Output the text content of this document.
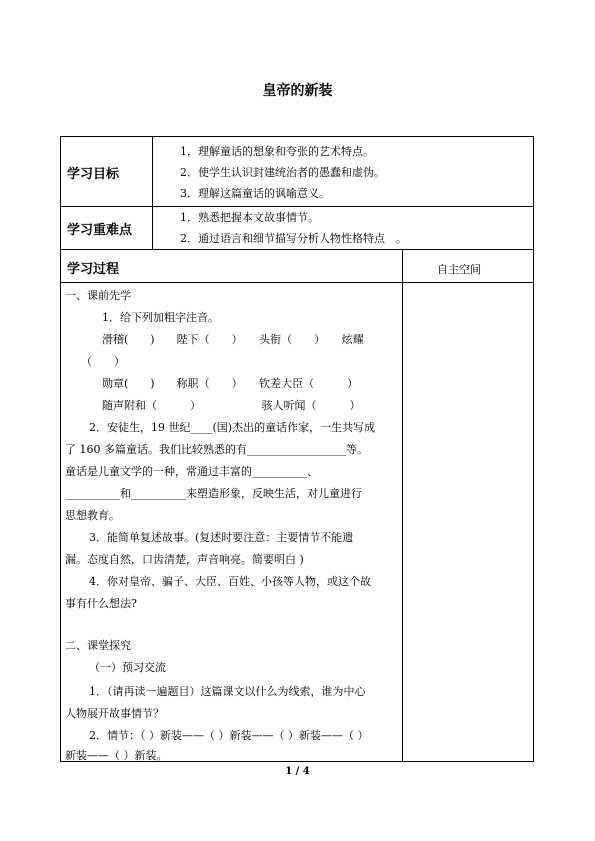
皇帝的新装
学习目标
学习重难点
学习过程	自主空间
1．理解童话的想象和夸张的艺术特点。
2．使学生认识封建统治者的愚蠢和虚伪。
3．理解这篇童话的讽喻意义。
1．熟悉把握本文故事情节。
2．通过语言和细节描写分析人物性格特点　。
一、课前先学
1．给下列加粗字注音。
滑稽(　　)　　陛下（　　）　　头衔（　　）　　炫耀
（　　）
勋章(　　)　　称职（　　）　　钦差大臣（　　　）
随声附和（　　　）　　　　　　骇人听闻（　　　）
2．安徒生，19 世纪____(国)杰出的童话作家，一生共写成
了 160 多篇童话。我们比较熟悉的有__________________等。
童话是儿童文学的一种，常通过丰富的__________、
__________和__________来塑造形象，反映生活，对儿童进行
思想教育。
3．能简单复述故事。(复述时要注意：主要情节不能遗
漏。态度自然，口齿清楚，声音响亮。简要明白 )
4．你对皇帝、骗子、大臣、百姓、小孩等人物，或这个故
事有什么想法?
二、课堂探究
（一）预习交流
1．（请再读一遍题目）这篇课文以什么为线索，谁为中心
人物展开故事情节？
2．情节：（ ）新装——（ ）新装——（ ）新装——（ ）
新装——（ ）新装。
1 / 4
